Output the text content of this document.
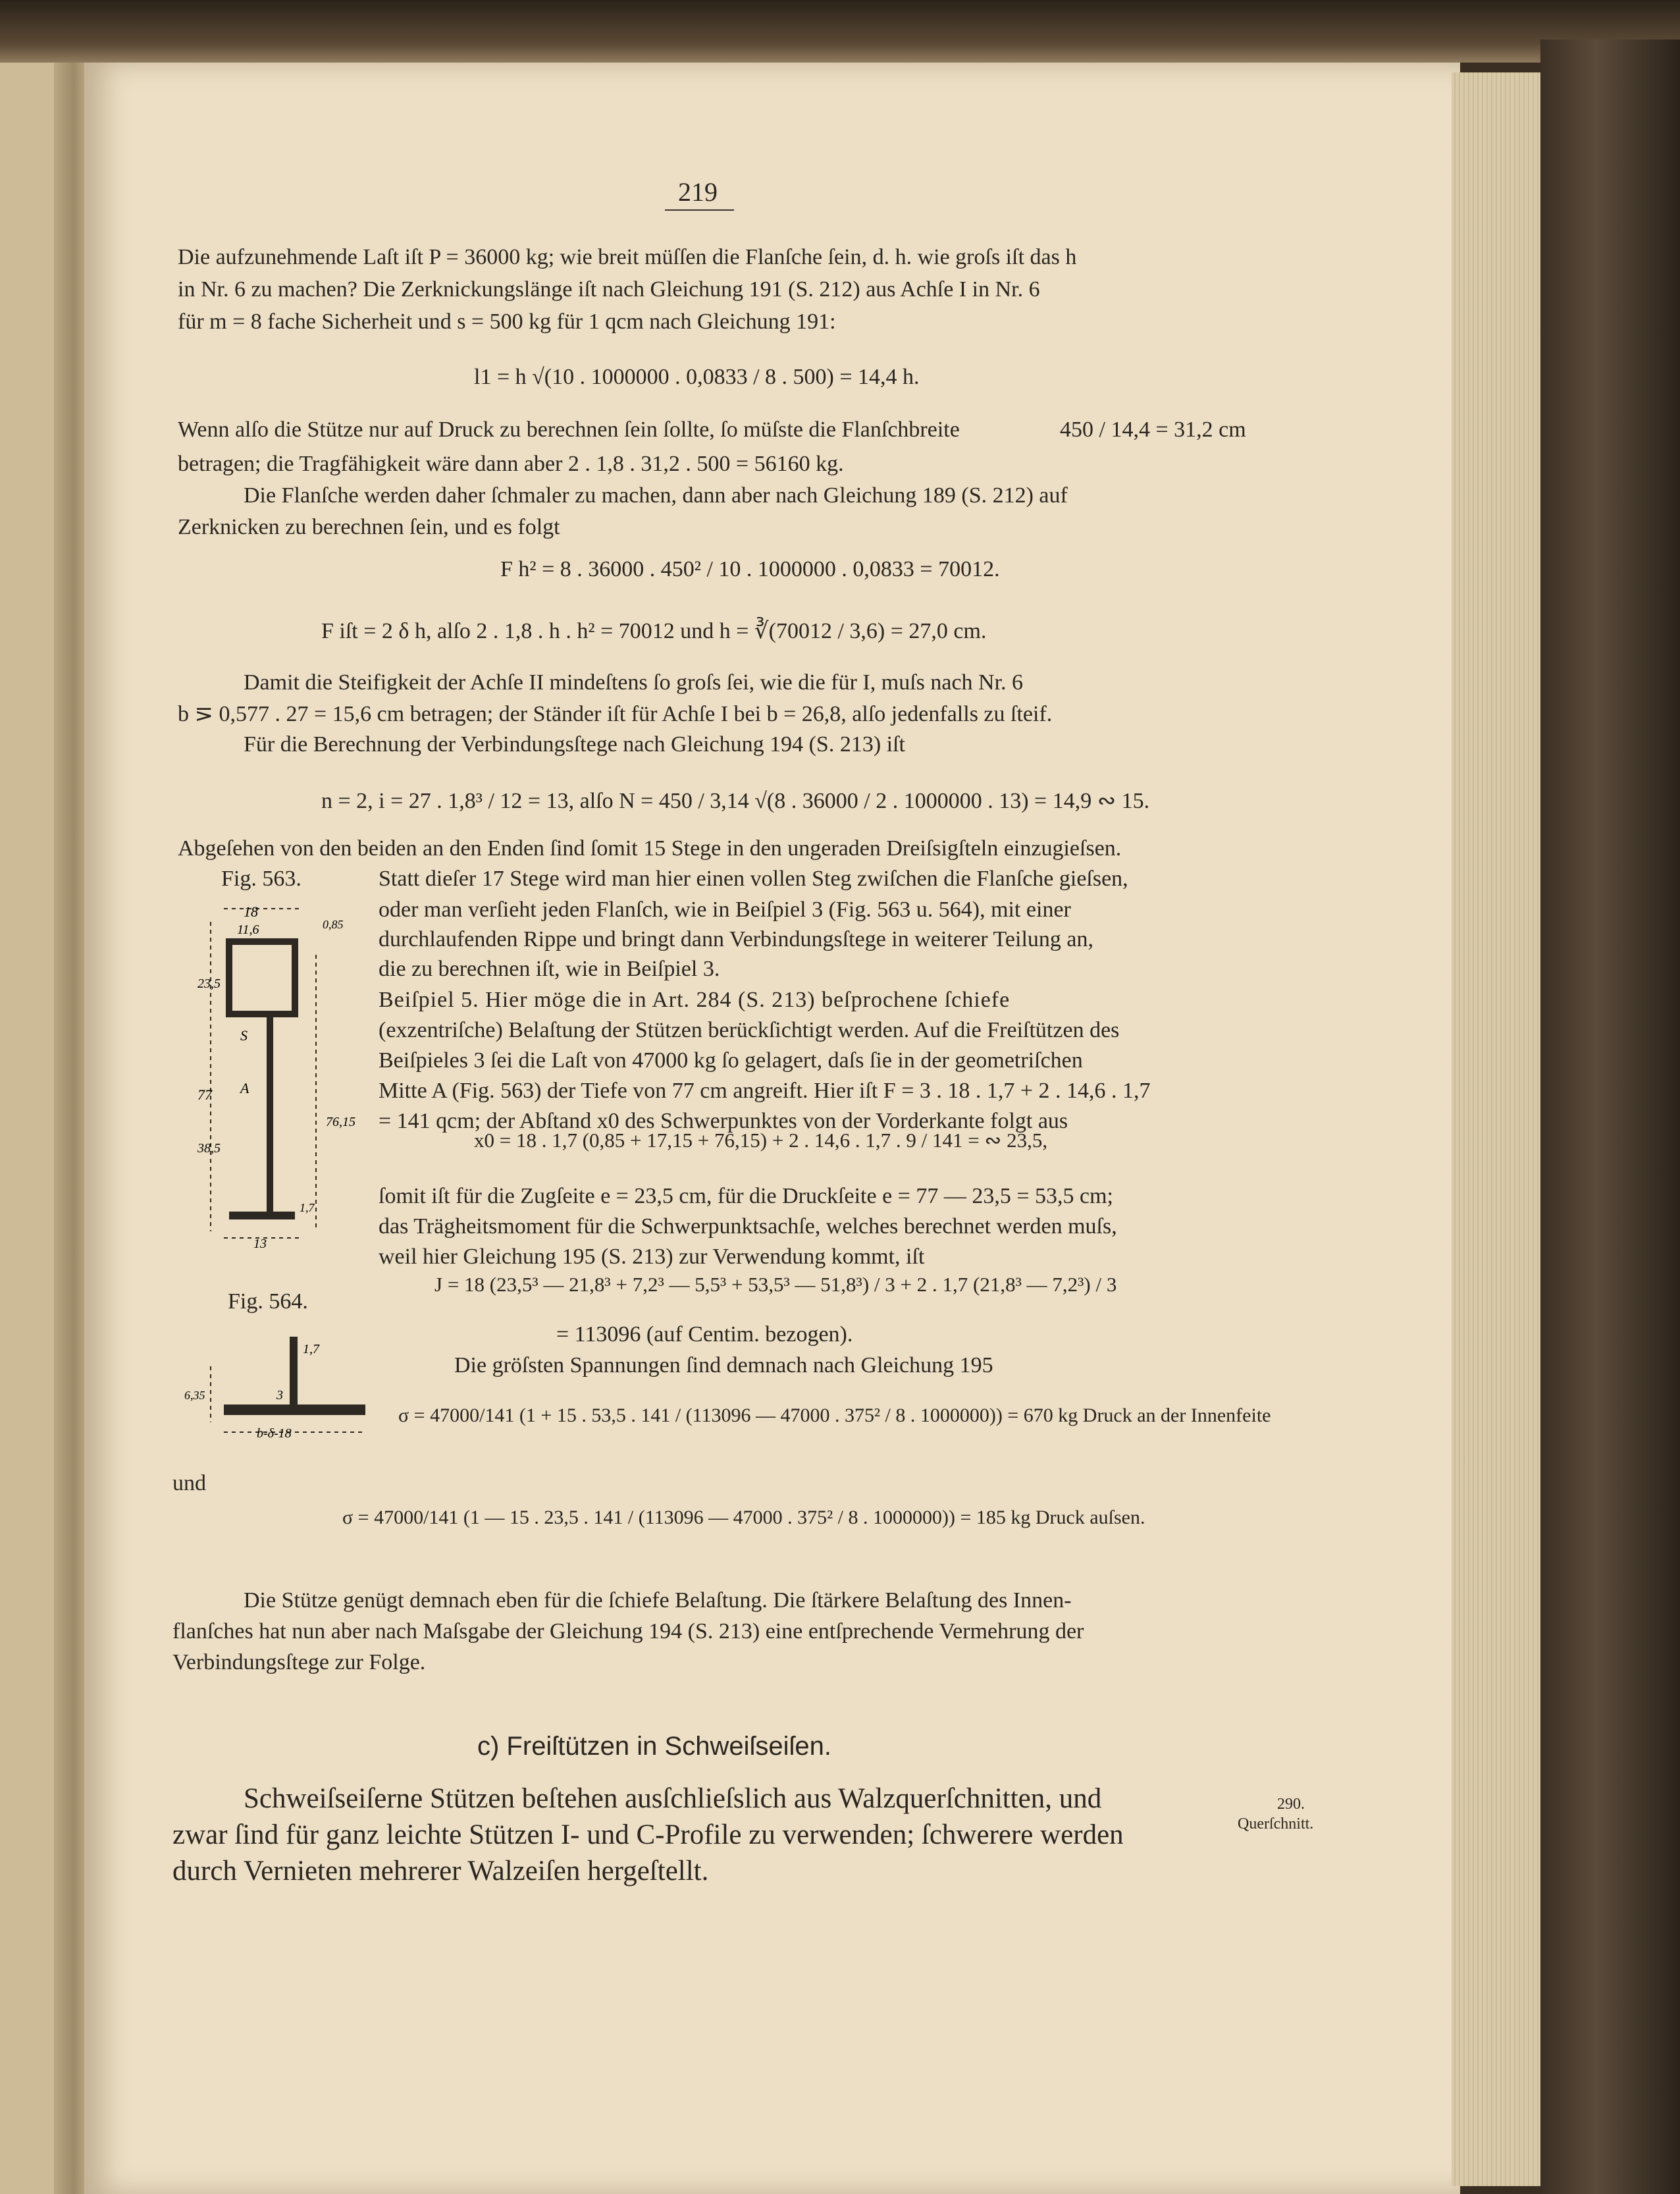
219
Die aufzunehmende Laſt iſt P = 36000 kg; wie breit müſſen die Flanſche ſein, d. h. wie groſs iſt das h
in Nr. 6 zu machen? Die Zerknickungslänge iſt nach Gleichung 191 (S. 212) aus Achſe I in Nr. 6
für m = 8 fache Sicherheit und s = 500 kg für 1 qcm nach Gleichung 191:
l1 = h √(10 . 1000000 . 0,0833 / 8 . 500) = 14,4 h.
Wenn alſo die Stütze nur auf Druck zu berechnen ſein ſollte, ſo müſste die Flanſchbreite	450 / 14,4 = 31,2 cm
betragen; die Tragfähigkeit wäre dann aber 2 . 1,8 . 31,2 . 500 = 56160 kg.
Die Flanſche werden daher ſchmaler zu machen, dann aber nach Gleichung 189 (S. 212) auf
Zerknicken zu berechnen ſein, und es folgt
F h² = 8 . 36000 . 450² / 10 . 1000000 . 0,0833 = 70012.
F iſt = 2 δ h, alſo 2 . 1,8 . h . h² = 70012 und h = ∛(70012 / 3,6) = 27,0 cm.
Damit die Steifigkeit der Achſe II mindeſtens ſo groſs ſei, wie die für I, muſs nach Nr. 6
b ⋝ 0,577 . 27 = 15,6 cm betragen; der Ständer iſt für Achſe I bei b = 26,8, alſo jedenfalls zu ſteif.
Für die Berechnung der Verbindungsſtege nach Gleichung 194 (S. 213) iſt
n = 2, i = 27 . 1,8³ / 12 = 13, alſo N = 450 / 3,14 √(8 . 36000 / 2 . 1000000 . 13) = 14,9 ∾ 15.
Abgeſehen von den beiden an den Enden ſind ſomit 15 Stege in den ungeraden Dreiſsigſteln einzugieſsen.
Fig. 563.
18
11,6	0,85
23,5
77
38,5
76,15
13
1,7
S
A
Statt dieſer 17 Stege wird man hier einen vollen Steg zwiſchen die Flanſche gieſsen,
oder man verſieht jeden Flanſch, wie in Beiſpiel 3 (Fig. 563 u. 564), mit einer
durchlaufenden Rippe und bringt dann Verbindungsſtege in weiterer Teilung an,
die zu berechnen iſt, wie in Beiſpiel 3.
Beiſpiel 5. Hier möge die in Art. 284 (S. 213) beſprochene ſchiefe
(exzentriſche) Belaſtung der Stützen berückſichtigt werden. Auf die Freiſtützen des
Beiſpieles 3 ſei die Laſt von 47000 kg ſo gelagert, daſs ſie in der geometriſchen
Mitte A (Fig. 563) der Tiefe von 77 cm angreift. Hier iſt F = 3 . 18 . 1,7 + 2 . 14,6 . 1,7
= 141 qcm; der Abſtand x0 des Schwerpunktes von der Vorderkante folgt aus
x0 = 18 . 1,7 (0,85 + 17,15 + 76,15) + 2 . 14,6 . 1,7 . 9 / 141 = ∾ 23,5,
ſomit iſt für die Zugſeite e = 23,5 cm, für die Druckſeite e = 77 — 23,5 = 53,5 cm;
das Trägheitsmoment für die Schwerpunktsachſe, welches berechnet werden muſs,
weil hier Gleichung 195 (S. 213) zur Verwendung kommt, iſt
Fig. 564.
1,7
3
6,35
b-δ-18
J = 18 (23,5³ — 21,8³ + 7,2³ — 5,5³ + 53,5³ — 51,8³) / 3 + 2 . 1,7 (21,8³ — 7,2³) / 3
= 113096 (auf Centim. bezogen).
Die gröſsten Spannungen ſind demnach nach Gleichung 195
σ = 47000/141 (1 + 15 . 53,5 . 141 / (113096 — 47000 . 375² / 8 . 1000000)) = 670 kg Druck an der Innenfeite
und
σ = 47000/141 (1 — 15 . 23,5 . 141 / (113096 — 47000 . 375² / 8 . 1000000)) = 185 kg Druck auſsen.
Die Stütze genügt demnach eben für die ſchiefe Belaſtung. Die ſtärkere Belaſtung des Innen-
flanſches hat nun aber nach Maſsgabe der Gleichung 194 (S. 213) eine entſprechende Vermehrung der
Verbindungsſtege zur Folge.
c) Freiſtützen in Schweiſseiſen.
Schweiſseiſerne Stützen beſtehen ausſchlieſslich aus Walzquerſchnitten, und
zwar ſind für ganz leichte Stützen I- und C-Profile zu verwenden; ſchwerere werden
durch Vernieten mehrerer Walzeiſen hergeſtellt.
290.
Querſchnitt.
